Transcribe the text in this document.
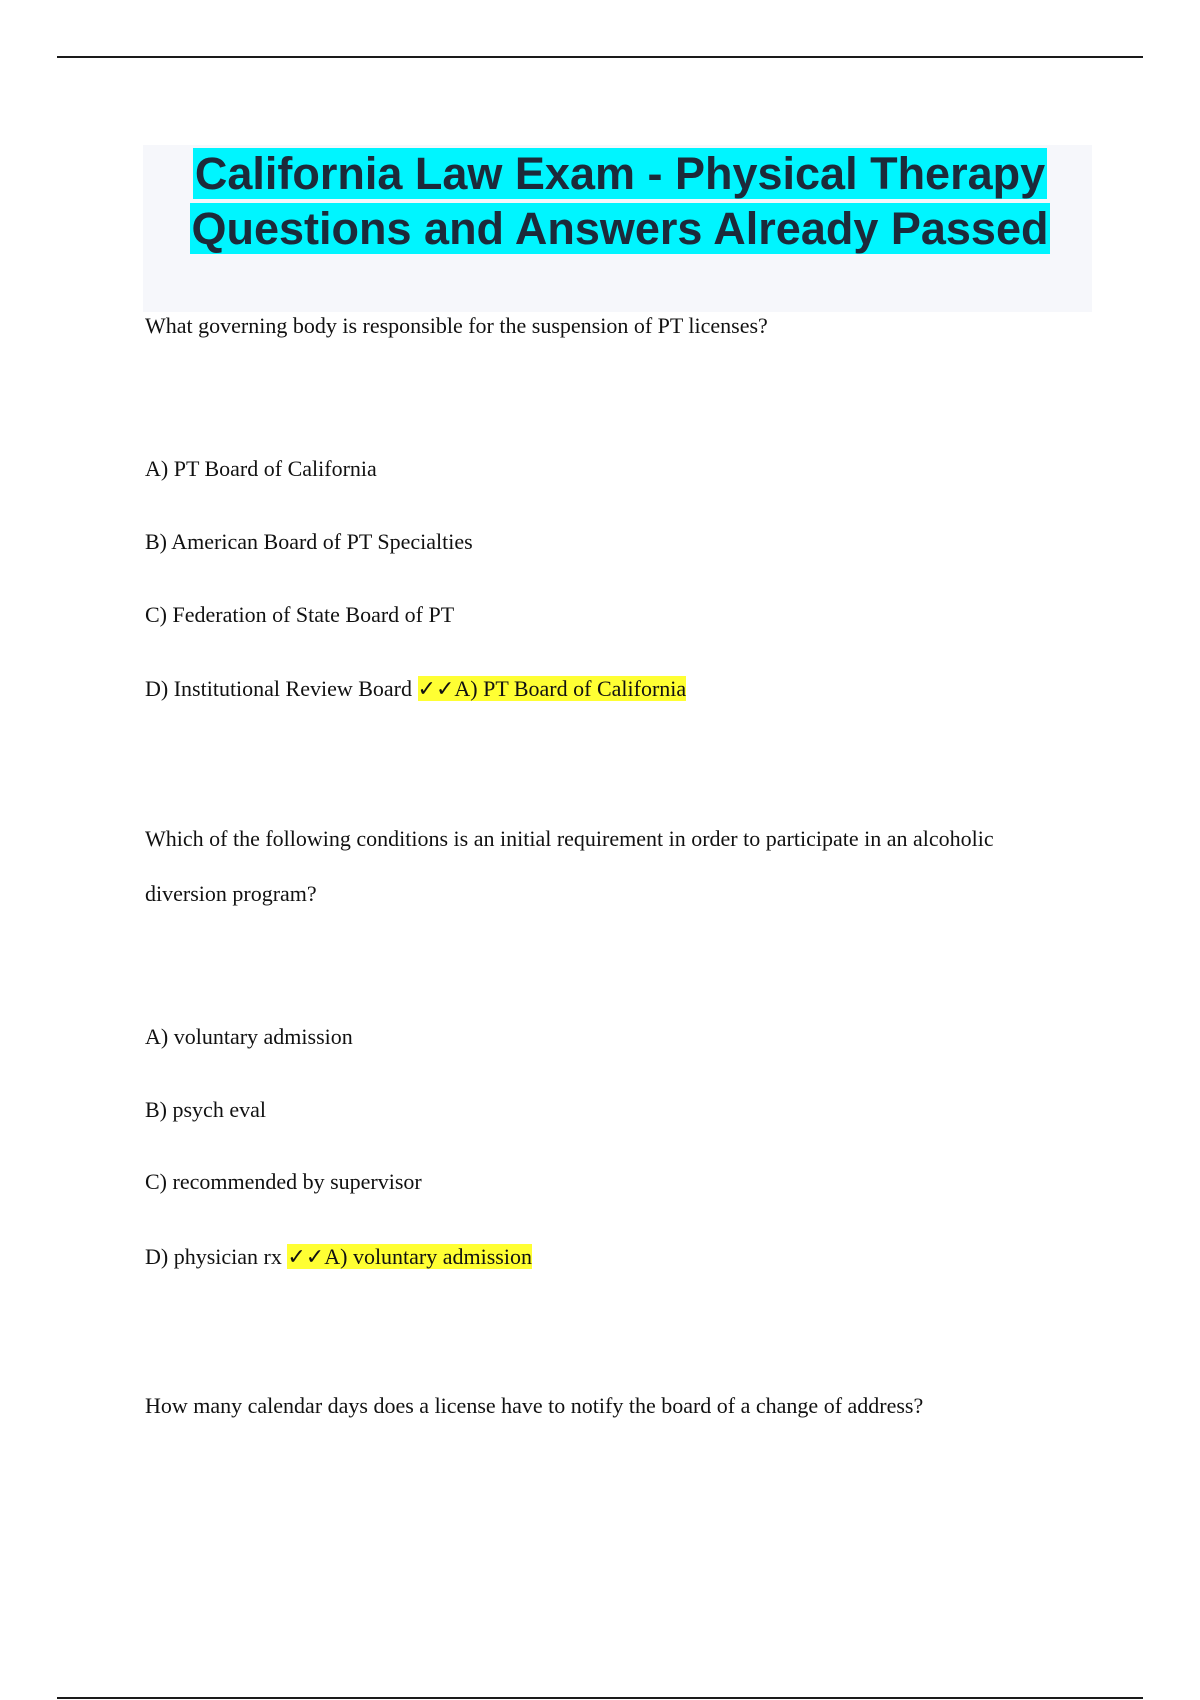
California Law Exam - Physical Therapy
Questions and Answers Already Passed

What governing body is responsible for the suspension of PT licenses?

A) PT Board of California

B) American Board of PT Specialties

C) Federation of State Board of PT

D) Institutional Review Board ✓✓A) PT Board of California

Which of the following conditions is an initial requirement in order to participate in an alcoholic

diversion program?

A) voluntary admission

B) psych eval

C) recommended by supervisor

D) physician rx ✓✓A) voluntary admission

How many calendar days does a license have to notify the board of a change of address?
